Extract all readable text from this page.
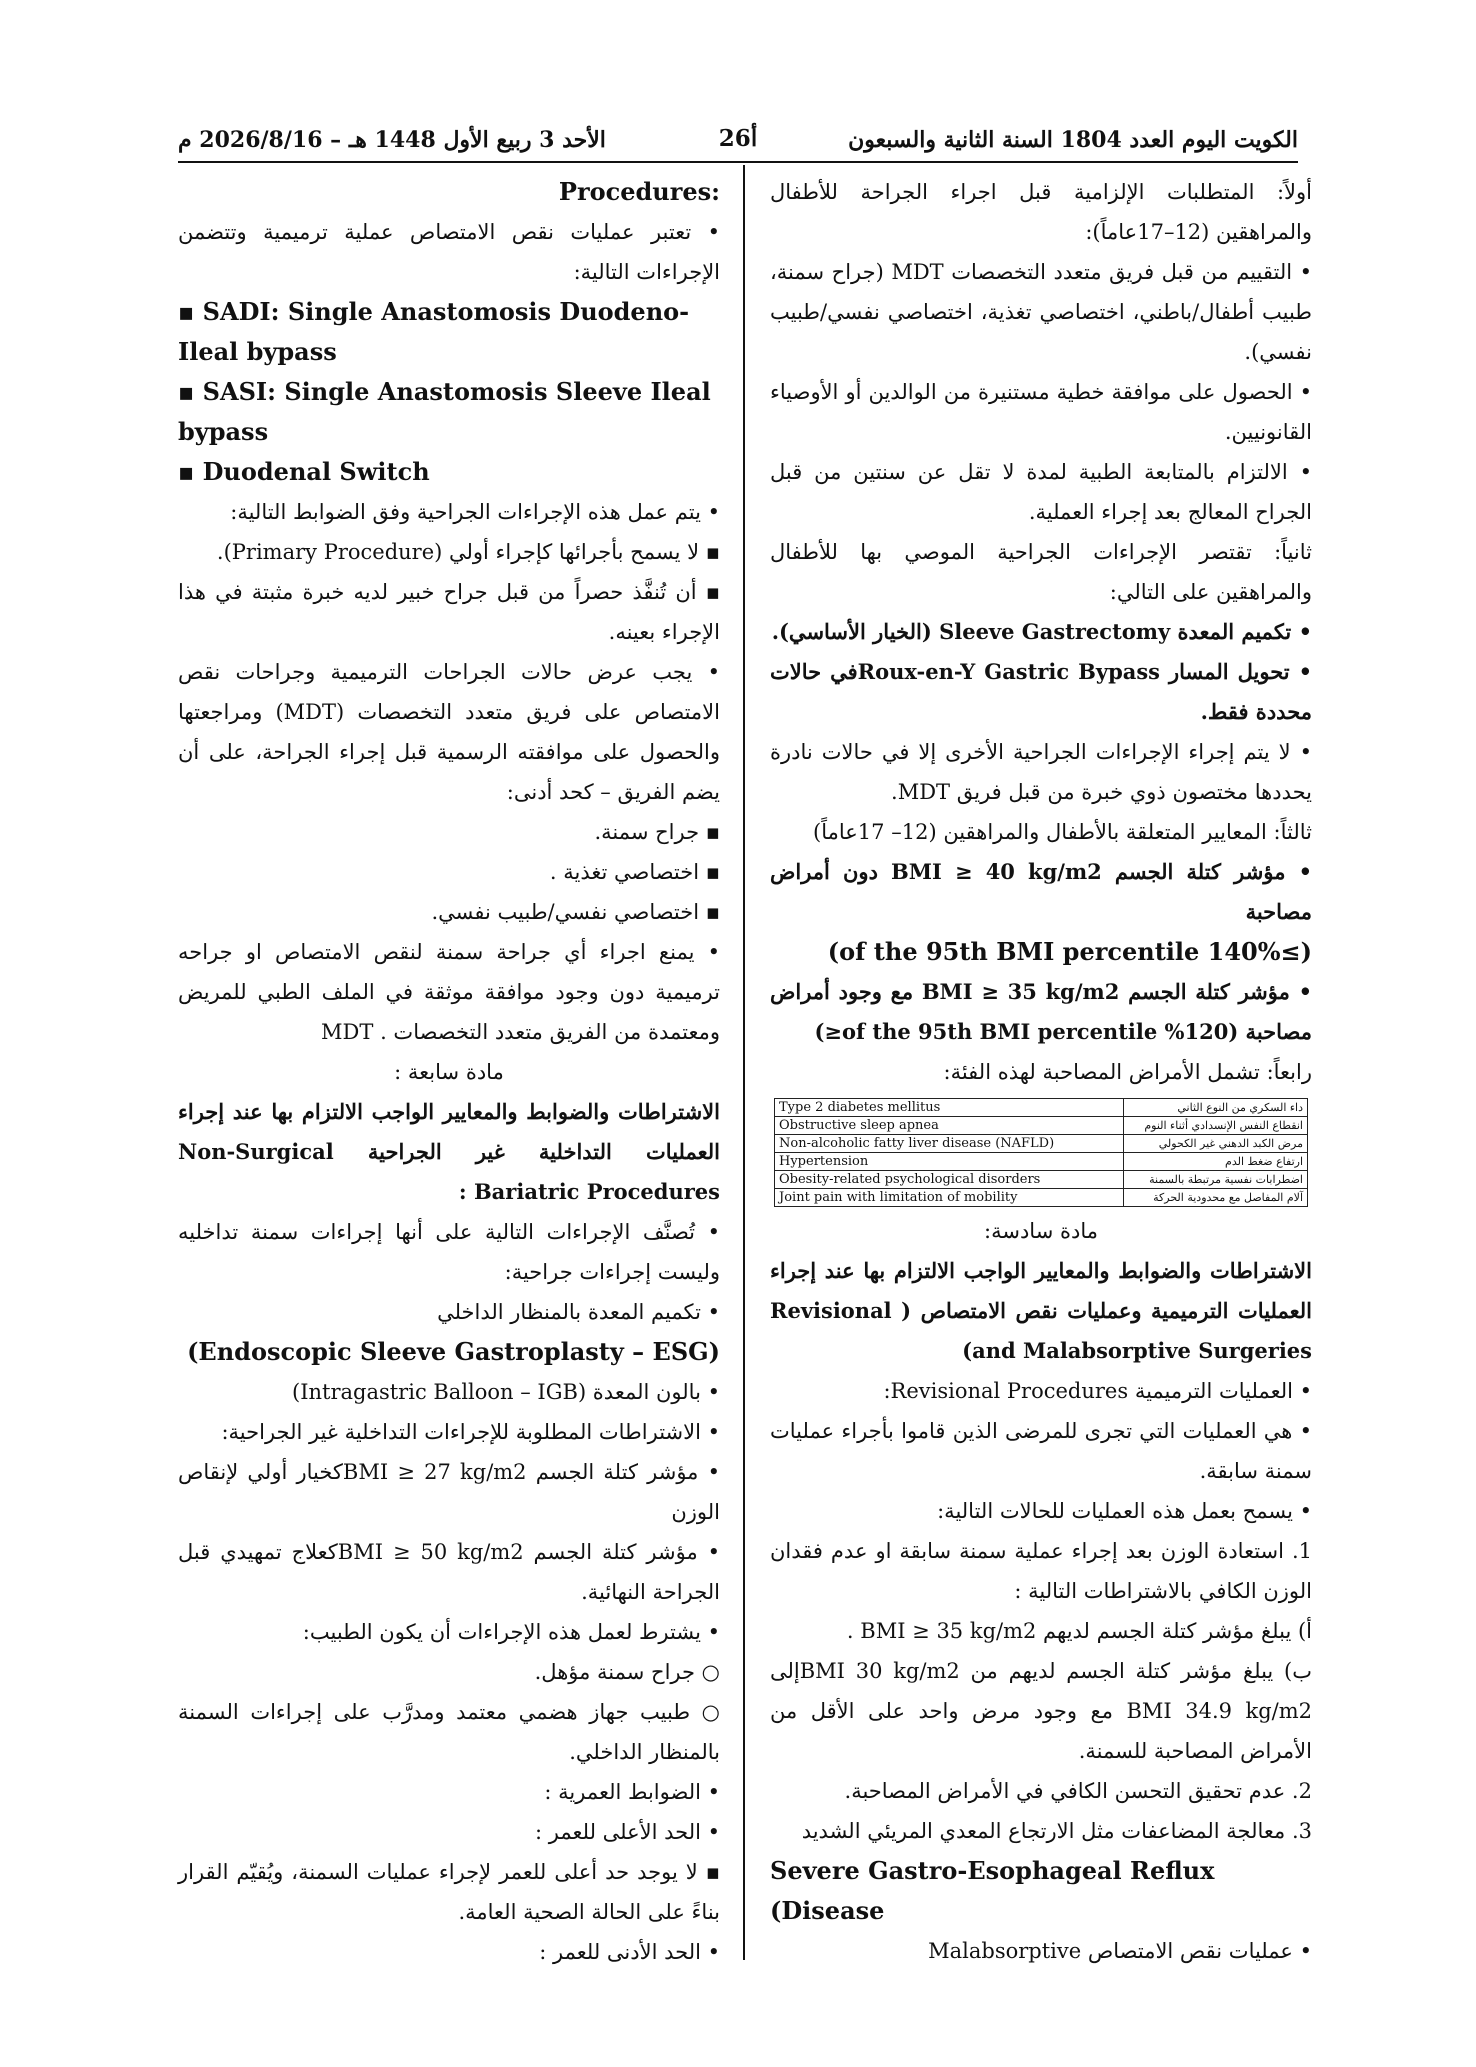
الكويت اليوم العدد 1804 السنة الثانية والسبعون
26أ
الأحد 3 ربيع الأول 1448 هـ – 2026/8/16 م

أولاً: المتطلبات الإلزامية قبل اجراء الجراحة للأطفال والمراهقين (12–17عاماً):

• التقييم من قبل فريق متعدد التخصصات MDT (جراح سمنة، طبيب أطفال/باطني، اختصاصي تغذية، اختصاصي نفسي/طبيب نفسي).

• الحصول على موافقة خطية مستنيرة من الوالدين أو الأوصياء القانونيين.

• الالتزام بالمتابعة الطبية لمدة لا تقل عن سنتين من قبل الجراح المعالج بعد إجراء العملية.

ثانياً: تقتصر الإجراءات الجراحية الموصي بها للأطفال والمراهقين على التالي:

• تكميم المعدة Sleeve Gastrectomy (الخيار الأساسي).

• تحويل المسار Roux-en-Y Gastric Bypassفي حالات محددة فقط.

• لا يتم إجراء الإجراءات الجراحية الأخرى إلا في حالات نادرة يحددها مختصون ذوي خبرة من قبل فريق MDT.

ثالثاً: المعايير المتعلقة بالأطفال والمراهقين (12– 17عاماً)

• مؤشر كتلة الجسم BMI ≥ 40 kg/m2 دون أمراض مصاحبة

(of the 95th BMI percentile 140%≤)

• مؤشر كتلة الجسم BMI ≥ 35 kg/m2 مع وجود أمراض مصاحبة (of the 95th BMI percentile %120≤)

رابعاً: تشمل الأمراض المصاحبة لهذه الفئة:

Type 2 diabetes mellitus	داء السكري من النوع الثاني
Obstructive sleep apnea	انقطاع النفس الإنسدادي أثناء النوم
Non-alcoholic fatty liver disease (NAFLD)	مرض الكبد الدهني غير الكحولي
Hypertension	ارتفاع ضغط الدم
Obesity-related psychological disorders	اضطرابات نفسية مرتبطة بالسمنة
Joint pain with limitation of mobility	آلام المفاصل مع محدودية الحركة

مادة سادسة:

الاشتراطات والضوابط والمعايير الواجب الالتزام بها عند إجراء العمليات الترميمية وعمليات نقص الامتصاص ( Revisional and Malabsorptive Surgeries)

• العمليات الترميمية Revisional Procedures:

• هي العمليات التي تجرى للمرضى الذين قاموا بأجراء عمليات سمنة سابقة.

• يسمح بعمل هذه العمليات للحالات التالية:

1. استعادة الوزن بعد إجراء عملية سمنة سابقة او عدم فقدان الوزن الكافي بالاشتراطات التالية :

أ) يبلغ مؤشر كتلة الجسم لديهم BMI ≥ 35 kg/m2 .

ب) يبلغ مؤشر كتلة الجسم لديهم من BMI 30 kg/m2إلى BMI 34.9 kg/m2 مع وجود مرض واحد على الأقل من الأمراض المصاحبة للسمنة.

2. عدم تحقيق التحسن الكافي في الأمراض المصاحبة.

3. معالجة المضاعفات مثل الارتجاع المعدي المريئي الشديد

Severe Gastro-Esophageal Reflux (Disease

• عمليات نقص الامتصاص Malabsorptive

Procedures:

• تعتبر عمليات نقص الامتصاص عملية ترميمية وتتضمن الإجراءات التالية:

▪ SADI: Single Anastomosis Duodeno-Ileal bypass

▪ SASI: Single Anastomosis Sleeve Ileal bypass

▪ Duodenal Switch

• يتم عمل هذه الإجراءات الجراحية وفق الضوابط التالية:

▪ لا يسمح بأجرائها كإجراء أولي (Primary Procedure).

▪ أن تُنفَّذ حصراً من قبل جراح خبير لديه خبرة مثبتة في هذا الإجراء بعينه.

• يجب عرض حالات الجراحات الترميمية وجراحات نقص الامتصاص على فريق متعدد التخصصات (MDT) ومراجعتها والحصول على موافقته الرسمية قبل إجراء الجراحة، على أن يضم الفريق – كحد أدنى:

▪ جراح سمنة.

▪ اختصاصي تغذية .

▪ اختصاصي نفسي/طبيب نفسي.

• يمنع اجراء أي جراحة سمنة لنقص الامتصاص او جراحه ترميمية دون وجود موافقة موثقة في الملف الطبي للمريض ومعتمدة من الفريق متعدد التخصصات . MDT

مادة سابعة :

الاشتراطات والضوابط والمعايير الواجب الالتزام بها عند إجراء العمليات التداخلية غير الجراحية Non-Surgical Bariatric Procedures :

• تُصنَّف الإجراءات التالية على أنها إجراءات سمنة تداخليه وليست إجراءات جراحية:

• تكميم المعدة بالمنظار الداخلي

(Endoscopic Sleeve Gastroplasty – ESG)

• بالون المعدة (Intragastric Balloon – IGB)

• الاشتراطات المطلوبة للإجراءات التداخلية غير الجراحية:

• مؤشر كتلة الجسم BMI ≥ 27 kg/m2كخيار أولي لإنقاص الوزن

• مؤشر كتلة الجسم BMI ≥ 50 kg/m2كعلاج تمهيدي قبل الجراحة النهائية.

• يشترط لعمل هذه الإجراءات أن يكون الطبيب:

○ جراح سمنة مؤهل.

○ طبيب جهاز هضمي معتمد ومدرَّب على إجراءات السمنة بالمنظار الداخلي.

• الضوابط العمرية :

• الحد الأعلى للعمر :

▪ لا يوجد حد أعلى للعمر لإجراء عمليات السمنة، ويُقيّم القرار بناءً على الحالة الصحية العامة.

• الحد الأدنى للعمر :
